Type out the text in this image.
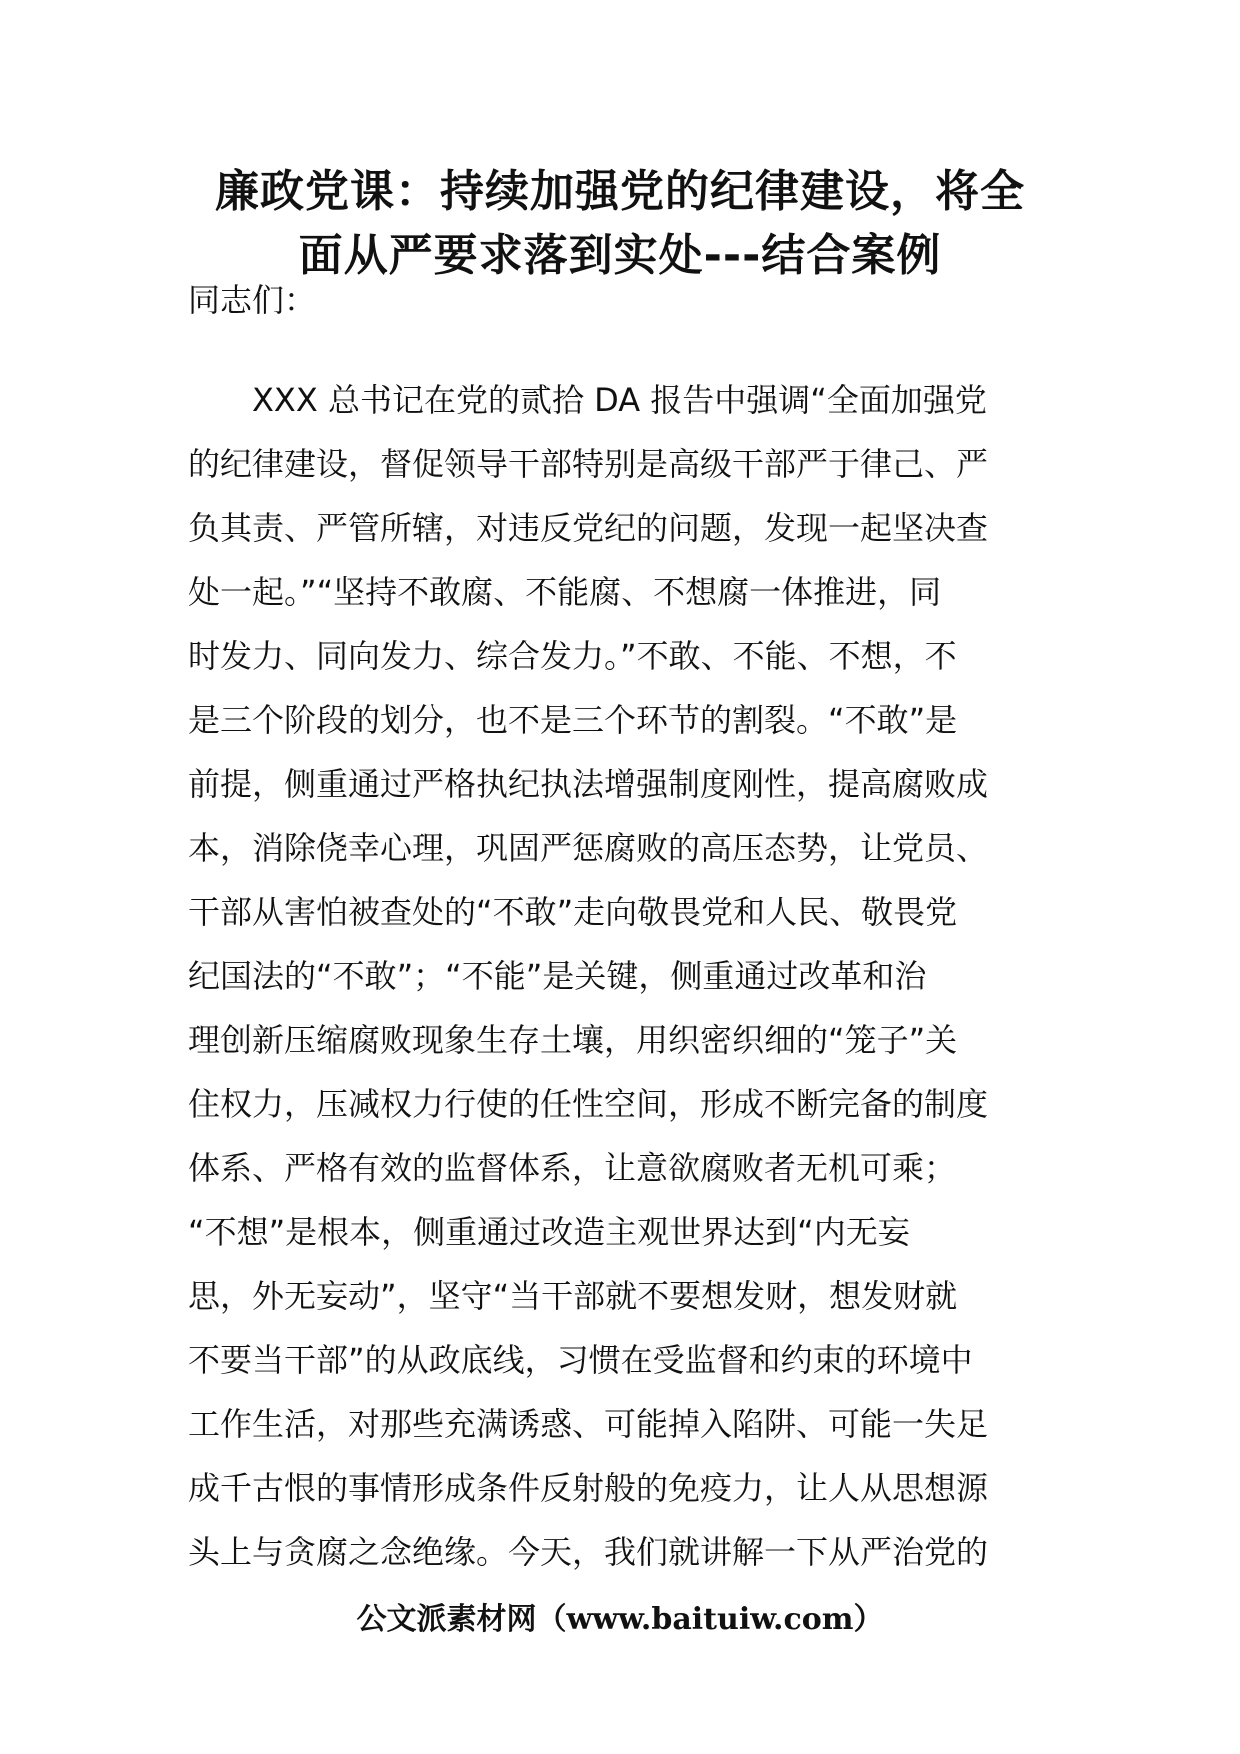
廉政党课：持续加强党的纪律建设，将全
面从严要求落到实处---结合案例

同志们：

XXX 总书记在党的贰拾 DA 报告中强调“全面加强党
的纪律建设，督促领导干部特别是高级干部严于律己、严
负其责、严管所辖，对违反党纪的问题，发现一起坚决查
处一起。”“坚持不敢腐、不能腐、不想腐一体推进，同
时发力、同向发力、综合发力。”不敢、不能、不想，不
是三个阶段的划分，也不是三个环节的割裂。“不敢”是
前提，侧重通过严格执纪执法增强制度刚性，提高腐败成
本，消除侥幸心理，巩固严惩腐败的高压态势，让党员、
干部从害怕被查处的“不敢”走向敬畏党和人民、敬畏党
纪国法的“不敢”；“不能”是关键，侧重通过改革和治
理创新压缩腐败现象生存土壤，用织密织细的“笼子”关
住权力，压减权力行使的任性空间，形成不断完备的制度
体系、严格有效的监督体系，让意欲腐败者无机可乘；
“不想”是根本，侧重通过改造主观世界达到“内无妄
思，外无妄动”，坚守“当干部就不要想发财，想发财就
不要当干部”的从政底线，习惯在受监督和约束的环境中
工作生活，对那些充满诱惑、可能掉入陷阱、可能一失足
成千古恨的事情形成条件反射般的免疫力，让人从思想源
头上与贪腐之念绝缘。今天，我们就讲解一下从严治党的

公文派素材网（www.baituiw.com）
